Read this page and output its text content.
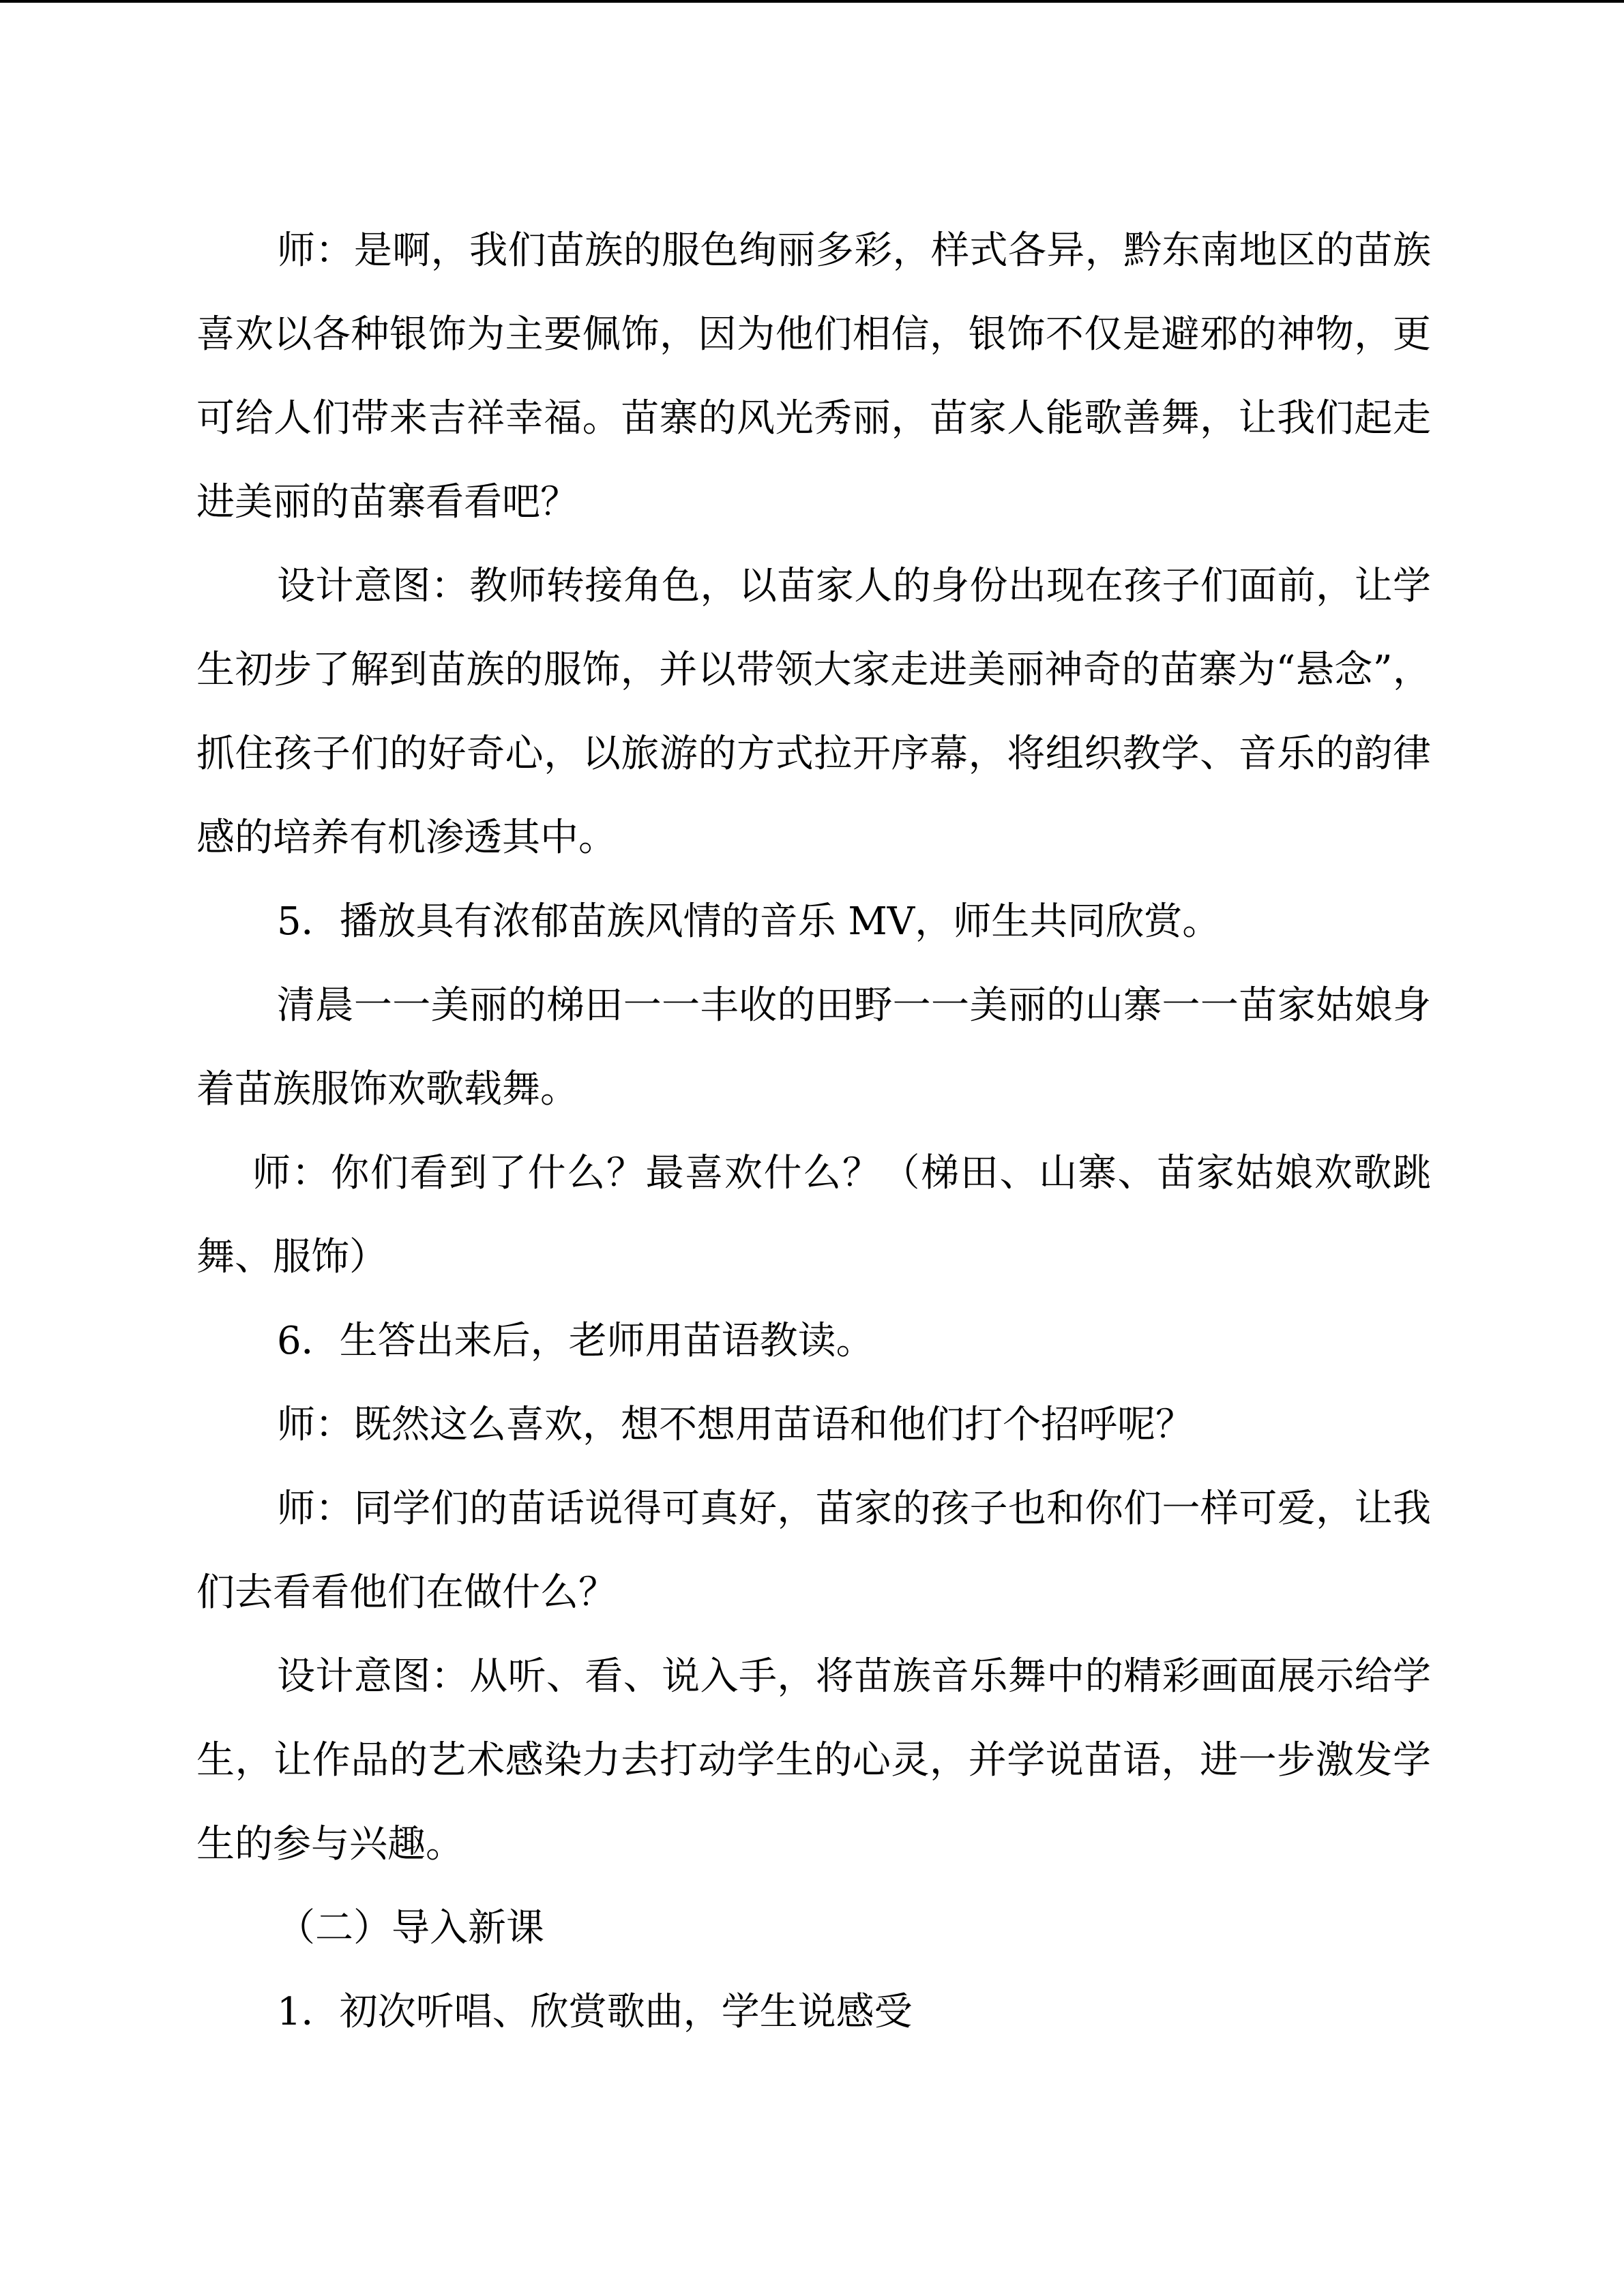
师：是啊，我们苗族的服色绚丽多彩，样式各异，黔东南地区的苗族喜欢以各种银饰为主要佩饰，因为他们相信，银饰不仅是避邪的神物，更可给人们带来吉祥幸福。苗寨的风光秀丽，苗家人能歌善舞，让我们起走进美丽的苗寨看看吧？

设计意图：教师转接角色，以苗家人的身份出现在孩子们面前，让学生初步了解到苗族的服饰，并以带领大家走进美丽神奇的苗寨为“悬念”，抓住孩子们的好奇心，以旅游的方式拉开序幕，将组织教学、音乐的韵律感的培养有机渗透其中。

5．播放具有浓郁苗族风情的音乐 MV，师生共同欣赏。

清晨一一美丽的梯田一一丰收的田野一一美丽的山寨一一苗家姑娘身着苗族服饰欢歌载舞。

师：你们看到了什么？最喜欢什么？（梯田、山寨、苗家姑娘欢歌跳舞、服饰）

6．生答出来后，老师用苗语教读。

师：既然这么喜欢，想不想用苗语和他们打个招呼呢？

师：同学们的苗话说得可真好，苗家的孩子也和你们一样可爱，让我们去看看他们在做什么？

设计意图：从听、看、说入手，将苗族音乐舞中的精彩画面展示给学生，让作品的艺术感染力去打动学生的心灵，并学说苗语，进一步激发学生的参与兴趣。

（二）导入新课

1．初次听唱、欣赏歌曲，学生说感受
